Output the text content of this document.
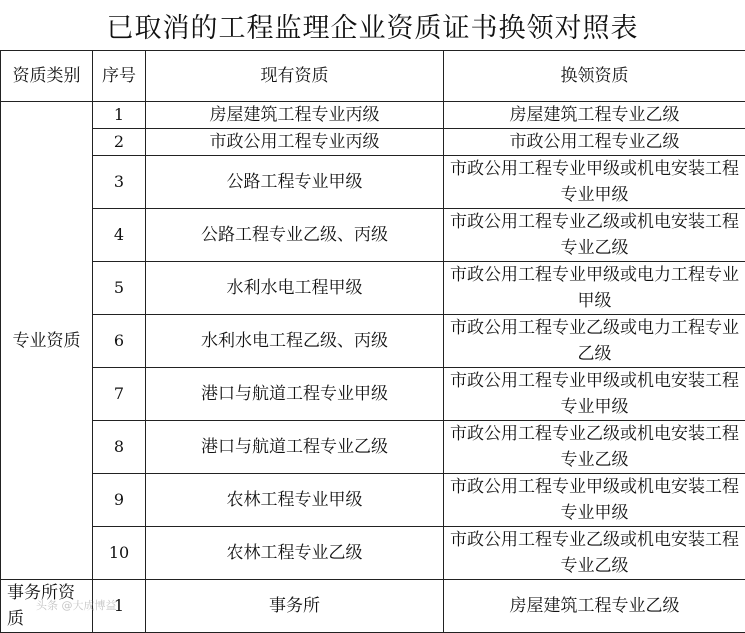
已取消的工程监理企业资质证书换领对照表
资质类别	序号	现有资质	换领资质
专业资质	1	房屋建筑工程专业丙级	房屋建筑工程专业乙级
	2	市政公用工程专业丙级	市政公用工程专业乙级
	3	公路工程专业甲级	市政公用工程专业甲级或机电安装工程专业甲级
	4	公路工程专业乙级、丙级	市政公用工程专业乙级或机电安装工程专业乙级
	5	水利水电工程甲级	市政公用工程专业甲级或电力工程专业甲级
	6	水利水电工程乙级、丙级	市政公用工程专业乙级或电力工程专业乙级
	7	港口与航道工程专业甲级	市政公用工程专业甲级或机电安装工程专业甲级
	8	港口与航道工程专业乙级	市政公用工程专业乙级或机电安装工程专业乙级
	9	农林工程专业甲级	市政公用工程专业甲级或机电安装工程专业甲级
	10	农林工程专业乙级	市政公用工程专业乙级或机电安装工程专业乙级
事务所资质	1	事务所	房屋建筑工程专业乙级
头条 @大成博益
